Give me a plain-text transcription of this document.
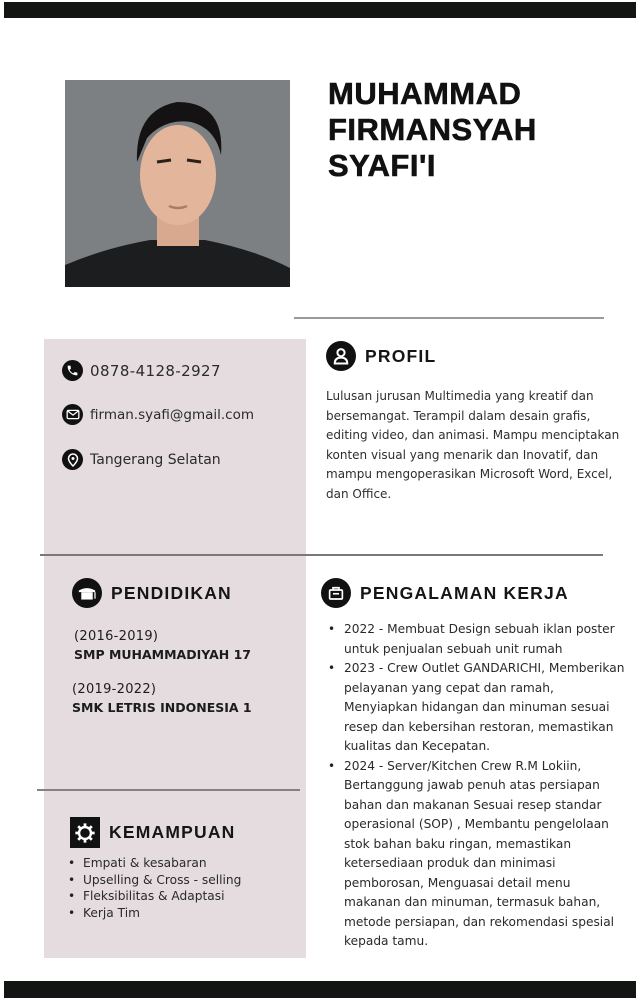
MUHAMMAD
FIRMANSYAH
SYAFI'I
0878-4128-2927
firman.syafi@gmail.com
Tangerang Selatan
PROFIL

Lulusan jurusan Multimedia yang kreatif dan bersemangat. Terampil dalam desain grafis, editing video, dan animasi. Mampu menciptakan konten visual yang menarik dan Inovatif, dan mampu mengoperasikan Microsoft Word, Excel, dan Office.

PENDIDIKAN
(2016-2019)
SMP MUHAMMADIYAH 17
(2019-2022)
SMK LETRIS INDONESIA 1
PENGALAMAN KERJA
• 2022 - Membuat Design sebuah iklan poster untuk penjualan sebuah unit rumah
• 2023 - Crew Outlet GANDARICHI, Memberikan pelayanan yang cepat dan ramah, Menyiapkan hidangan dan minuman sesuai resep dan kebersihan restoran, memastikan kualitas dan Kecepatan.
• 2024 - Server/Kitchen Crew R.M Lokiin, Bertanggung jawab penuh atas persiapan bahan dan makanan Sesuai resep standar operasional (SOP) , Membantu pengelolaan stok bahan baku ringan, memastikan ketersediaan produk dan minimasi pemborosan, Menguasai detail menu makanan dan minuman, termasuk bahan, metode persiapan, dan rekomendasi spesial kepada tamu.
KEMAMPUAN
• Empati & kesabaran
• Upselling & Cross - selling
• Fleksibilitas & Adaptasi
• Kerja Tim
